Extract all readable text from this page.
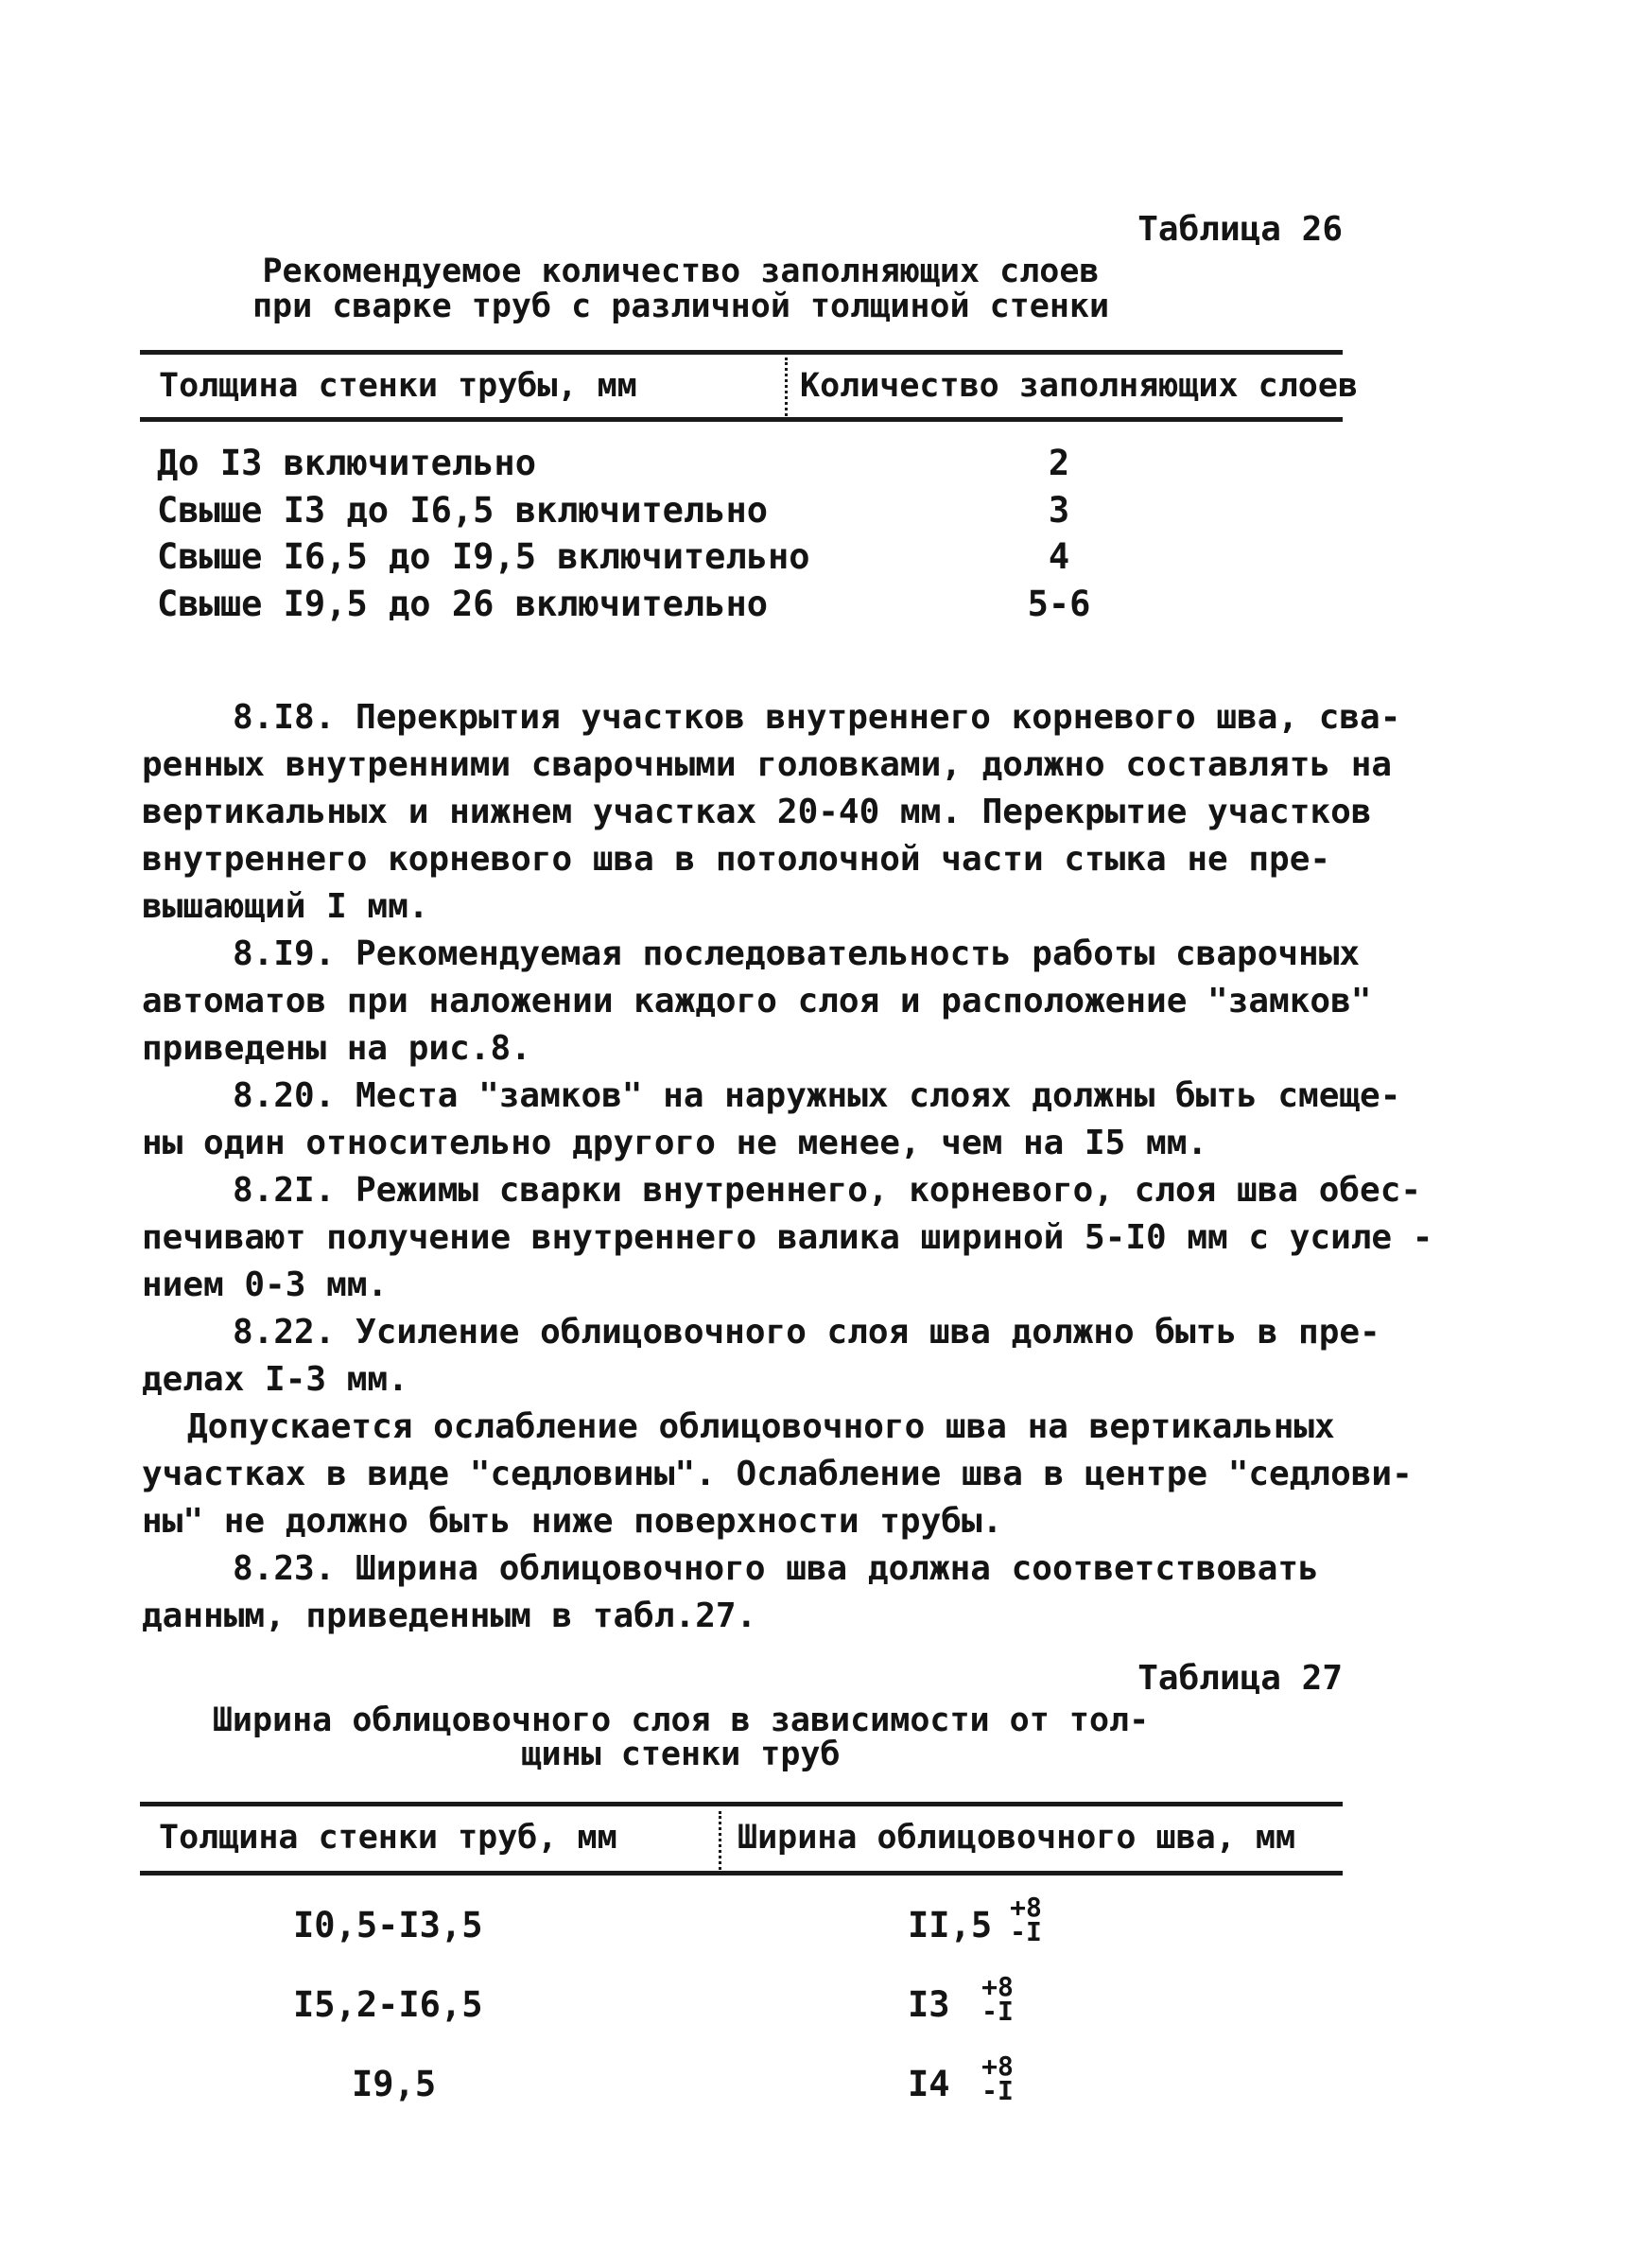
Таблица 26
Рекомендуемое количество заполняющих слоев
при сварке труб с различной толщиной стенки
Толщина стенки трубы, мм	Количество заполняющих слоев
До I3 включительно	2
Свыше I3 до I6,5 включительно	3
Свыше I6,5 до I9,5 включительно	4
Свыше I9,5 до 26 включительно	5-6
8.I8. Перекрытия участков внутреннего корневого шва, сва-
ренных внутренними сварочными головками, должно составлять на
вертикальных и нижнем участках 20-40 мм. Перекрытие участков
внутреннего корневого шва в потолочной части стыка не пре-
вышающий I мм.
8.I9. Рекомендуемая последовательность работы сварочных
автоматов при наложении каждого слоя и расположение "замков"
приведены на рис.8.
8.20. Места "замков" на наружных слоях должны быть смеще-
ны один относительно другого не менее, чем на I5 мм.
8.2I. Режимы сварки внутреннего, корневого, слоя шва обес-
печивают получение внутреннего валика шириной 5-I0 мм с усиле -
нием 0-3 мм.
8.22. Усиление облицовочного слоя шва должно быть в пре-
делах I-3 мм.
Допускается ослабление облицовочного шва на вертикальных
участках в виде "седловины". Ослабление шва в центре "седлови-
ны" не должно быть ниже поверхности трубы.
8.23. Ширина облицовочного шва должна соответствовать
данным, приведенным в табл.27.
Таблица 27
Ширина облицовочного слоя в зависимости от тол-
щины стенки труб
Толщина стенки труб, мм	Ширина облицовочного шва, мм
I0,5-I3,5	II,5 +8
-I
I5,2-I6,5	I3 +8
-I
I9,5	I4 +8
-I
